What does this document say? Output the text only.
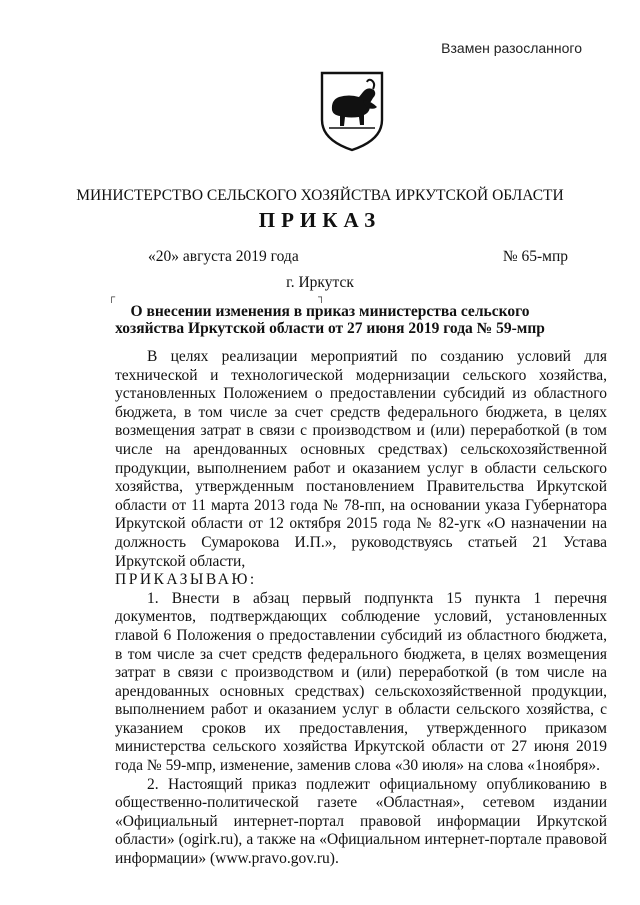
Взамен разосланного
МИНИСТЕРСТВО СЕЛЬСКОГО ХОЗЯЙСТВА ИРКУТСКОЙ ОБЛАСТИ
ПРИКАЗ
«20» августа 2019 года	№ 65-мпр
г. Иркутск
┌	┐
О внесении изменения в приказ министерства сельского хозяйства Иркутской области от 27 июня 2019 года № 59-мпр

В целях реализации мероприятий по созданию условий для технической и технологической модернизации сельского хозяйства, установленных Положением о предоставлении субсидий из областного бюджета, в том числе за счет средств федерального бюджета, в целях возмещения затрат в связи с производством и (или) переработкой (в том числе на арендованных основных средствах) сельскохозяйственной продукции, выполнением работ и оказанием услуг в области сельского хозяйства, утвержденным постановлением Правительства Иркутской области от 11 марта 2013 года № 78-пп, на основании указа Губернатора Иркутской области от 12 октября 2015 года № 82-угк «О назначении на должность Сумарокова И.П.», руководствуясь статьей 21 Устава Иркутской области,

ПРИКАЗЫВАЮ:

1. Внести в абзац первый подпункта 15 пункта 1 перечня документов, подтверждающих соблюдение условий, установленных главой 6 Положения о предоставлении субсидий из областного бюджета, в том числе за счет средств федерального бюджета, в целях возмещения затрат в связи с производством и (или) переработкой (в том числе на арендованных основных средствах) сельскохозяйственной продукции, выполнением работ и оказанием услуг в области сельского хозяйства, с указанием сроков их предоставления, утвержденного приказом министерства сельского хозяйства Иркутской области от 27 июня 2019 года № 59-мпр, изменение, заменив слова «30 июля» на слова «1ноября».

2. Настоящий приказ подлежит официальному опубликованию в общественно-политической газете «Областная», сетевом издании «Официальный интернет-портал правовой информации Иркутской области» (ogirk.ru), а также на «Официальном интернет-портале правовой информации» (www.pravo.gov.ru).
